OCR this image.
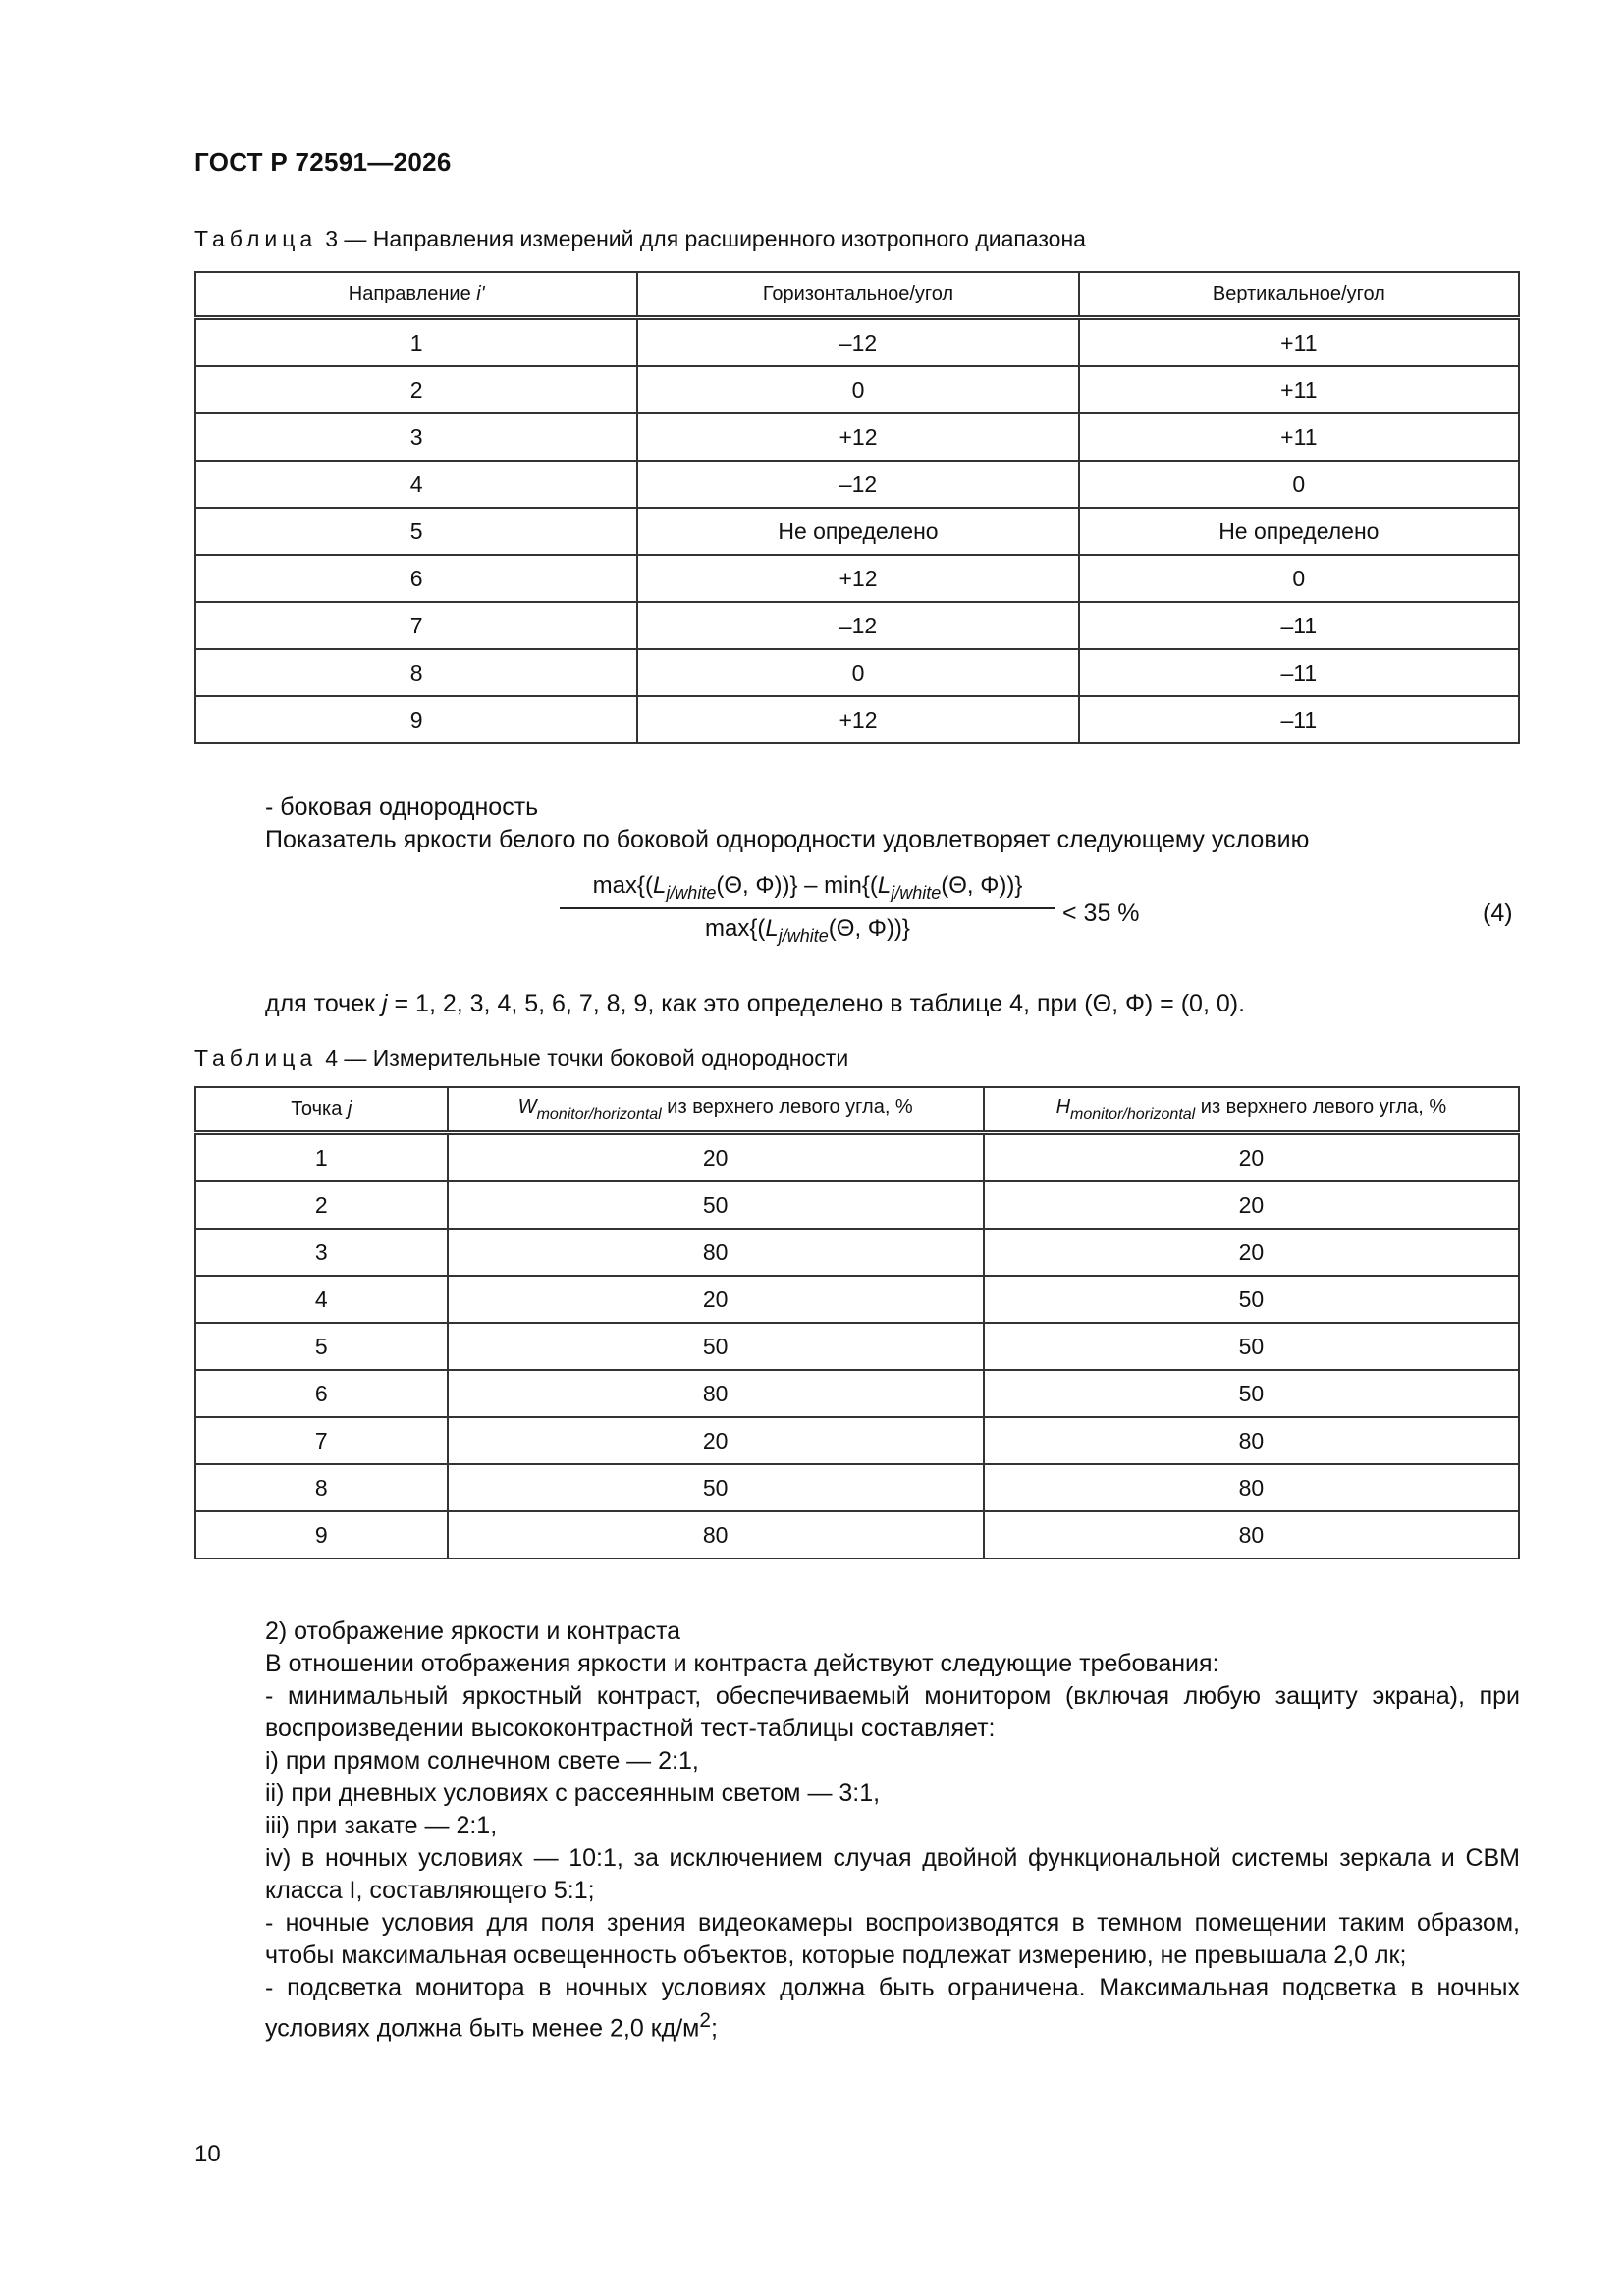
ГОСТ Р 72591—2026
Таблица 3 — Направления измерений для расширенного изотропного диапазона
Направление i'	Горизонтальное/угол	Вертикальное/угол
1	–12	+11
2	0	+11
3	+12	+11
4	–12	0
5	Не определено	Не определено
6	+12	0
7	–12	–11
8	0	–11
9	+12	–11

- боковая однородность

Показатель яркости белого по боковой однородности удовлетворяет следующему условию

$\max\{(L_{j/white}(\Theta$, $\Phi))\} - \min\{(L_{j/white}(\Theta$, Φ))}
$\max\{(L_{j/white}(\Theta$, Φ))}
< 35 %	(4)

для точек j = 1, 2, 3, 4, 5, 6, 7, 8, 9, как это определено в таблице 4, при (Θ, Φ) = (0, 0).

Таблица 4 — Измерительные точки боковой однородности
Точка j	$W_{monitor/horizontal}$ из верхнего левого угла, %	$H_{monitor/horizontal}$ из верхнего левого угла, %
1	20	20
2	50	20
3	80	20
4	20	50
5	50	50
6	80	50
7	20	80
8	50	80
9	80	80

2) отображение яркости и контраста

В отношении отображения яркости и контраста действуют следующие требования:

- минимальный яркостный контраст, обеспечиваемый монитором (включая любую защиту экрана), при воспроизведении высококонтрастной тест-таблицы составляет:

i) при прямом солнечном свете — 2:1,

ii) при дневных условиях с рассеянным светом — 3:1,

iii) при закате — 2:1,

iv) в ночных условиях — 10:1, за исключением случая двойной функциональной системы зеркала и СВМ класса I, составляющего 5:1;

- ночные условия для поля зрения видеокамеры воспроизводятся в темном помещении таким образом, чтобы максимальная освещенность объектов, которые подлежат измерению, не превышала 2,0 лк;

- подсветка монитора в ночных условиях должна быть ограничена. Максимальная подсветка в ночных условиях должна быть менее 2,0 $кд/м^2$;

10
